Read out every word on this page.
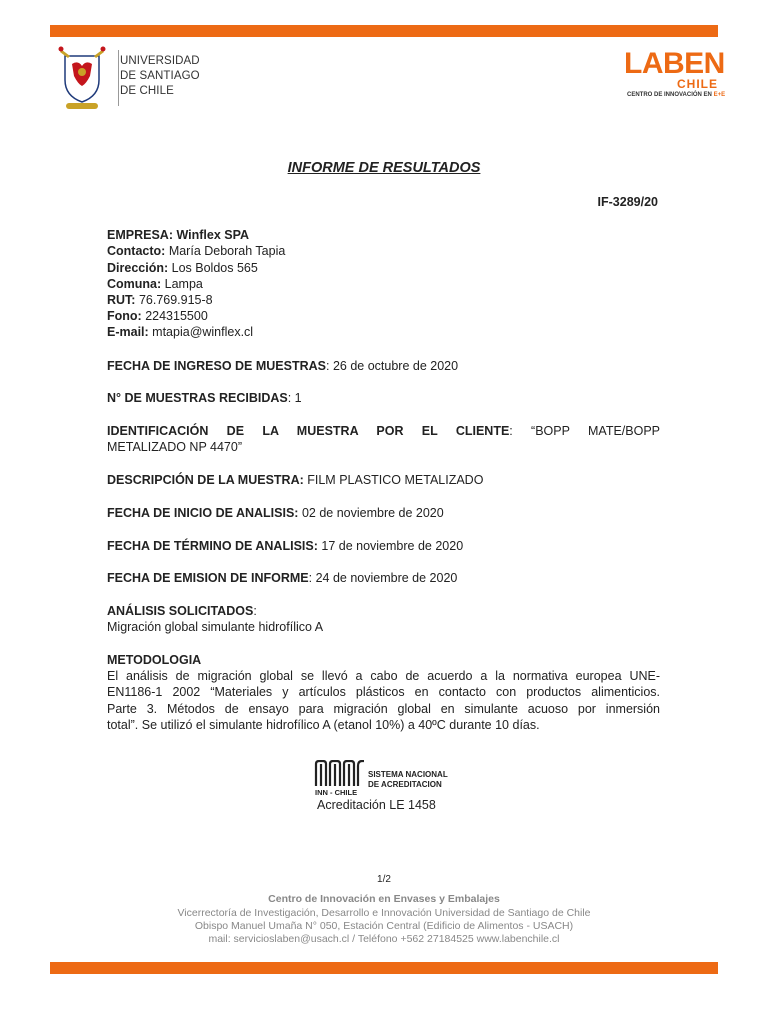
UNIVERSIDAD
DE SANTIAGO
DE CHILE
LABEN
CHILE
CENTRO DE INNOVACIÓN EN E+E
INFORME DE RESULTADOS
IF-3289/20
EMPRESA: Winflex SPA
Contacto: María Deborah Tapia
Dirección: Los Boldos 565
Comuna: Lampa
RUT: 76.769.915-8
Fono: 224315500
E-mail: mtapia@winflex.cl
FECHA DE INGRESO DE MUESTRAS: 26 de octubre de 2020
N° DE MUESTRAS RECIBIDAS: 1
IDENTIFICACIÓN DE LA MUESTRA POR EL CLIENTE: “BOPP MATE/BOPP
METALIZADO NP 4470”
DESCRIPCIÓN DE LA MUESTRA: FILM PLASTICO METALIZADO
FECHA DE INICIO DE ANALISIS: 02 de noviembre de 2020
FECHA DE TÉRMINO DE ANALISIS: 17 de noviembre de 2020
FECHA DE EMISION DE INFORME: 24 de noviembre de 2020
ANÁLISIS SOLICITADOS:
Migración global simulante hidrofílico A
METODOLOGIA
El análisis de migración global se llevó a cabo de acuerdo a la normativa europea UNE-
EN1186-1 2002 “Materiales y artículos plásticos en contacto con productos alimenticios.
Parte 3. Métodos de ensayo para migración global en simulante acuoso por inmersión
total”. Se utilizó el simulante hidrofílico A (etanol 10%) a 40ºC durante 10 días.
INN - CHILE
SISTEMA NACIONAL
DE ACREDITACION
Acreditación LE 1458
1/2
Centro de Innovación en Envases y Embalajes
Vicerrectoría de Investigación, Desarrollo e Innovación Universidad de Santiago de Chile
Obispo Manuel Umaña N° 050, Estación Central (Edificio de Alimentos - USACH)
mail: servicioslaben@usach.cl / Teléfono +562 27184525 www.labenchile.cl
